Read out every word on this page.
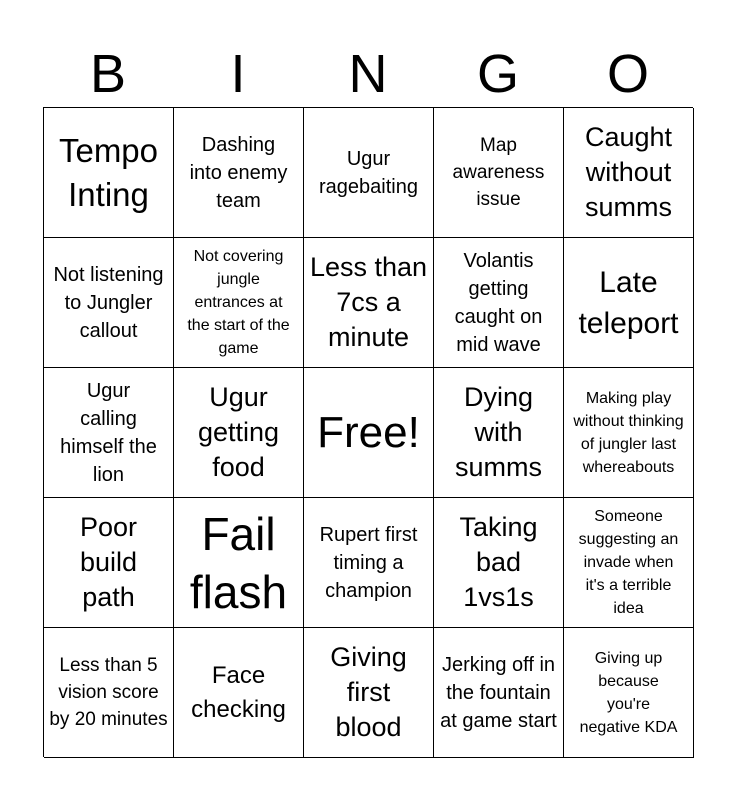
B	I	N	G	O
Tempo Inting
Dashing into enemy team
Ugur ragebaiting
Map awareness issue
Caught without summs
Not listening to Jungler callout
Not covering jungle entrances at the start of the game
Less than 7cs a minute
Volantis getting caught on mid wave
Late teleport
Ugur calling himself the lion
Ugur getting food
Free!
Dying with summs
Making play without thinking of jungler last whereabouts
Poor build path
Fail flash
Rupert first timing a champion
Taking bad 1vs1s
Someone suggesting an invade when it's a terrible idea
Less than 5 vision score by 20 minutes
Face checking
Giving first blood
Jerking off in the fountain at game start
Giving up because you're negative KDA
